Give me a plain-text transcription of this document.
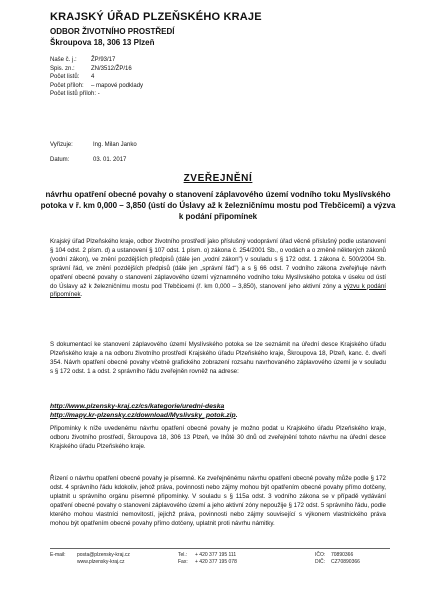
KRAJSKÝ ÚŘAD PLZEŇSKÉHO KRAJE
ODBOR ŽIVOTNÍHO PROSTŘEDÍ
Škroupova 18, 306 13 Plzeň
Naše č. j.:	ŽP/93/17
Spis. zn.:	ZN/3512/ŽP/16
Počet listů:	4
Počet příloh:	– mapové podklady
Počet listů příloh: -
Vyřizuje:	Ing. Milan Janko
Datum:	03. 01. 2017
ZVEŘEJNĚNÍ
návrhu opatření obecné povahy o stanovení záplavového území vodního toku Myslívského potoka v ř. km 0,000 – 3,850 (ústí do Úslavy až k železničnímu mostu pod Třebčicemi) a výzva k podání připomínek
Krajský úřad Plzeňského kraje, odbor životního prostředí jako příslušný vodoprávní úřad věcně příslušný podle ustanovení § 104 odst. 2 písm. d) a ustanovení § 107 odst. 1 písm. o) zákona č. 254/2001 Sb., o vodách a o změně některých zákonů (vodní zákon), ve znění pozdějších předpisů (dále jen „vodní zákon") v souladu s § 172 odst. 1 zákona č. 500/2004 Sb. správní řád, ve znění pozdějších předpisů (dále jen „správní řád") a s § 66 odst. 7 vodního zákona zveřejňuje návrh opatření obecné povahy o stanovení záplavového území významného vodního toku Myslívského potoka v úseku od ústí do Úslavy až k železničnímu mostu pod Třebčicemi (ř. km 0,000 – 3,850), stanovení jeho aktivní zóny a výzvu k podání připomínek.
S dokumentací ke stanovení záplavového území Myslívského potoka se lze seznámit na úřední desce Krajského úřadu Plzeňského kraje a na odboru životního prostředí Krajského úřadu Plzeňského kraje, Škroupova 18, Plzeň, kanc. č. dveří 354. Návrh opatření obecné povahy včetně grafického zobrazení rozsahu navrhovaného záplavového území je v souladu s § 172 odst. 1 a odst. 2 správního řádu zveřejněn rovněž na adrese:
http://www.plzensky-kraj.cz/cs/kategorie/uredni-deska
http://mapy.kr-plzensky.cz/download/Myslivsky_potok.zip.
Připomínky k níže uvedenému návrhu opatření obecné povahy je možno podat u Krajského úřadu Plzeňského kraje, odboru životního prostředí, Škroupova 18, 306 13 Plzeň, ve lhůtě 30 dnů od zveřejnění tohoto návrhu na úřední desce Krajského úřadu Plzeňského kraje.
Řízení o návrhu opatření obecné povahy je písemné. Ke zveřejněnému návrhu opatření obecné povahy může podle § 172 odst. 4 správního řádu kdokoliv, jehož práva, povinnosti nebo zájmy mohou být opatřením obecné povahy přímo dotčeny, uplatnit u správního orgánu písemné připomínky. V souladu s § 115a odst. 3 vodního zákona se v případě vydávání opatření obecné povahy o stanovení záplavového území a jeho aktivní zóny nepoužije § 172 odst. 5 správního řádu, podle kterého mohou vlastníci nemovitostí, jejichž práva, povinnosti nebo zájmy související s výkonem vlastnického práva mohou být opatřením obecné povahy přímo dotčeny, uplatnit proti návrhu námitky.
E-mail:	posta@plzensky-kraj.cz
www.plzensky-kraj.cz
Tel.:	+ 420 377 195 111
Fax:	+ 420 377 195 078
IČO:	70890366
DIČ:	CZ70890366
